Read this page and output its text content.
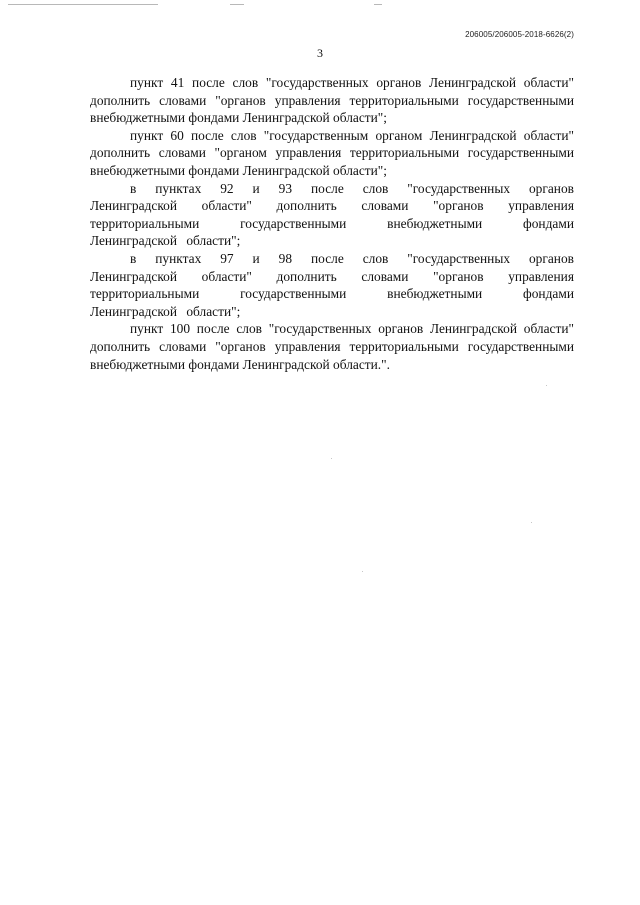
206005/206005-2018-6626(2)
3

пункт 41 после слов "государственных органов Ленинградской области" дополнить словами "органов управления территориальными государственными внебюджетными фондами Ленинградской области";

пункт 60 после слов "государственным органом Ленинградской области" дополнить словами "органом управления территориальными государственными внебюджетными фондами Ленинградской области";

в пунктах 92 и 93 после слов "государственных органов Ленинградской области" дополнить словами "органов управления территориальными государственными внебюджетными фондами Ленинградской области";

в пунктах 97 и 98 после слов "государственных органов Ленинградской области" дополнить словами "органов управления территориальными государственными внебюджетными фондами Ленинградской области";

пункт 100 после слов "государственных органов Ленинградской области" дополнить словами "органов управления территориальными государственными внебюджетными фондами Ленинградской области.".
